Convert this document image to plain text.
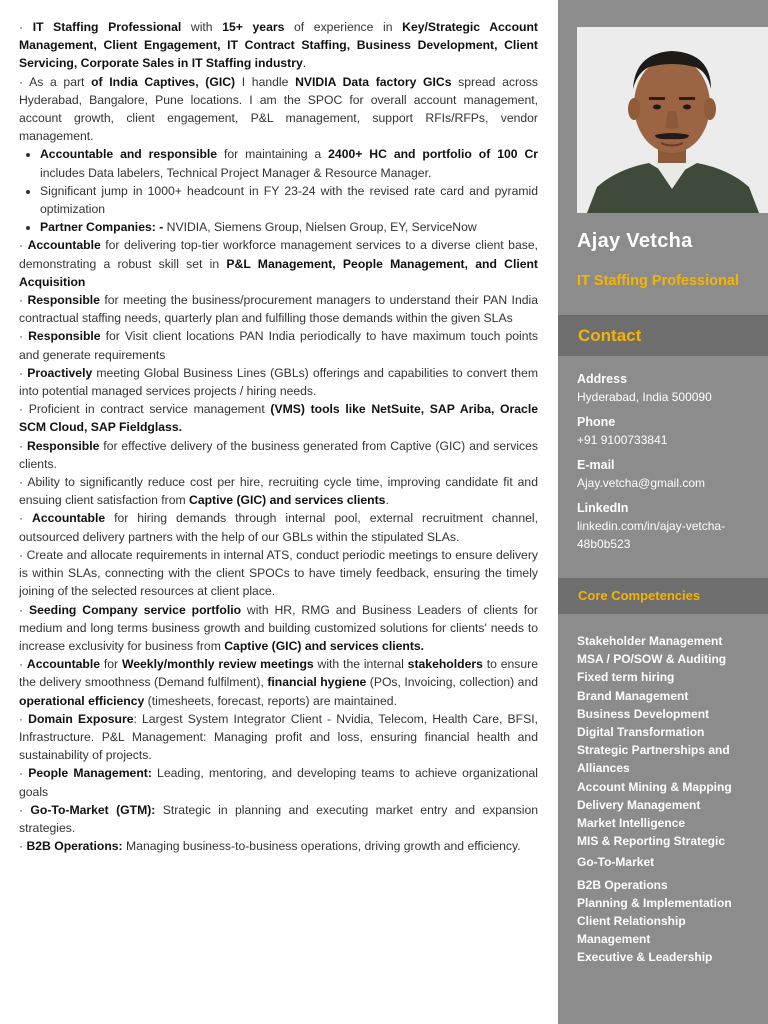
· IT Staffing Professional with 15+ years of experience in Key/Strategic Account Management, Client Engagement, IT Contract Staffing, Business Development, Client Servicing, Corporate Sales in IT Staffing industry.

· As a part of India Captives, (GIC) I handle NVIDIA Data factory GICs spread across Hyderabad, Bangalore, Pune locations. I am the SPOC for overall account management, account growth, client engagement, P&L management, support RFIs/RFPs, vendor management.

• Accountable and responsible for maintaining a 2400+ HC and portfolio of 100 Cr includes Data labelers, Technical Project Manager & Resource Manager.
• Significant jump in 1000+ headcount in FY 23-24 with the revised rate card and pyramid optimization
• Partner Companies: - NVIDIA, Siemens Group, Nielsen Group, EY, ServiceNow

· Accountable for delivering top-tier workforce management services to a diverse client base, demonstrating a robust skill set in P&L Management, People Management, and Client Acquisition

· Responsible for meeting the business/procurement managers to understand their PAN India contractual staffing needs, quarterly plan and fulfilling those demands within the given SLAs

· Responsible for Visit client locations PAN India periodically to have maximum touch points and generate requirements

· Proactively meeting Global Business Lines (GBLs) offerings and capabilities to convert them into potential managed services projects / hiring needs.

· Proficient in contract service management (VMS) tools like NetSuite, SAP Ariba, Oracle SCM Cloud, SAP Fieldglass.

· Responsible for effective delivery of the business generated from Captive (GIC) and services clients.

· Ability to significantly reduce cost per hire, recruiting cycle time, improving candidate fit and ensuing client satisfaction from Captive (GIC) and services clients.

· Accountable for hiring demands through internal pool, external recruitment channel, outsourced delivery partners with the help of our GBLs within the stipulated SLAs.

· Create and allocate requirements in internal ATS, conduct periodic meetings to ensure delivery is within SLAs, connecting with the client SPOCs to have timely feedback, ensuring the timely joining of the selected resources at client place.

· Seeding Company service portfolio with HR, RMG and Business Leaders of clients for medium and long terms business growth and building customized solutions for clients' needs to increase exclusivity for business from Captive (GIC) and services clients.

· Accountable for Weekly/monthly review meetings with the internal stakeholders to ensure the delivery smoothness (Demand fulfilment), financial hygiene (POs, Invoicing, collection) and operational efficiency (timesheets, forecast, reports) are maintained.

· Domain Exposure: Largest System Integrator Client - Nvidia, Telecom, Health Care, BFSI, Infrastructure. P&L Management: Managing profit and loss, ensuring financial health and sustainability of projects.

· People Management: Leading, mentoring, and developing teams to achieve organizational goals

· Go-To-Market (GTM): Strategic in planning and executing market entry and expansion strategies.

· B2B Operations: Managing business-to-business operations, driving growth and efficiency.

Ajay Vetcha
IT Staffing Professional
Contact
Address
Hyderabad, India 500090
Phone
+91 9100733841
E-mail
Ajay.vetcha@gmail.com
LinkedIn
linkedin.com/in/ajay-vetcha-48b0b523
Core Competencies
Stakeholder Management
MSA / PO/SOW & Auditing
Fixed term hiring
Brand Management
Business Development
Digital Transformation
Strategic Partnerships and Alliances
Account Mining & Mapping
Delivery Management
Market Intelligence
MIS & Reporting Strategic
Go-To-Market
B2B Operations
Planning & Implementation
Client Relationship Management
Executive & Leadership
